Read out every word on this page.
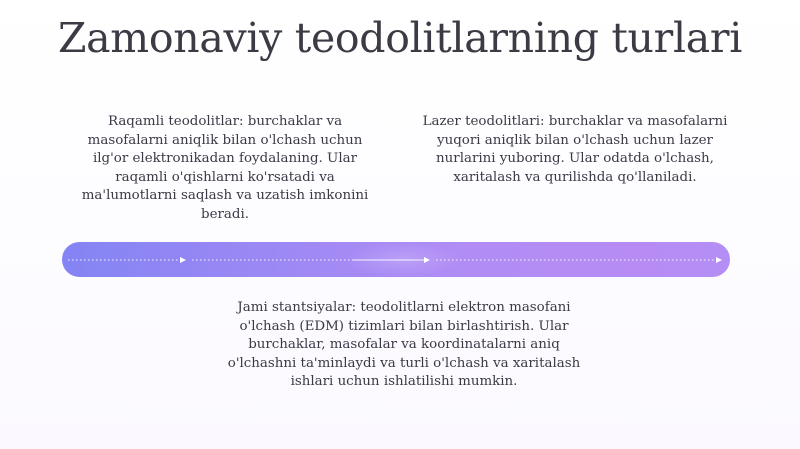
Zamonaviy teodolitlarning turlari
Raqamli teodolitlar: burchaklar va masofalarni aniqlik bilan o'lchash uchun ilg'or elektronikadan foydalaning. Ular raqamli o'qishlarni ko'rsatadi va ma'lumotlarni saqlash va uzatish imkonini beradi.
Lazer teodolitlari: burchaklar va masofalarni yuqori aniqlik bilan o'lchash uchun lazer nurlarini yuboring. Ular odatda o'lchash, xaritalash va qurilishda qo'llaniladi.
Jami stantsiyalar: teodolitlarni elektron masofani o'lchash (EDM) tizimlari bilan birlashtirish. Ular burchaklar, masofalar va koordinatalarni aniq o'lchashni ta'minlaydi va turli o'lchash va xaritalash ishlari uchun ishlatilishi mumkin.
